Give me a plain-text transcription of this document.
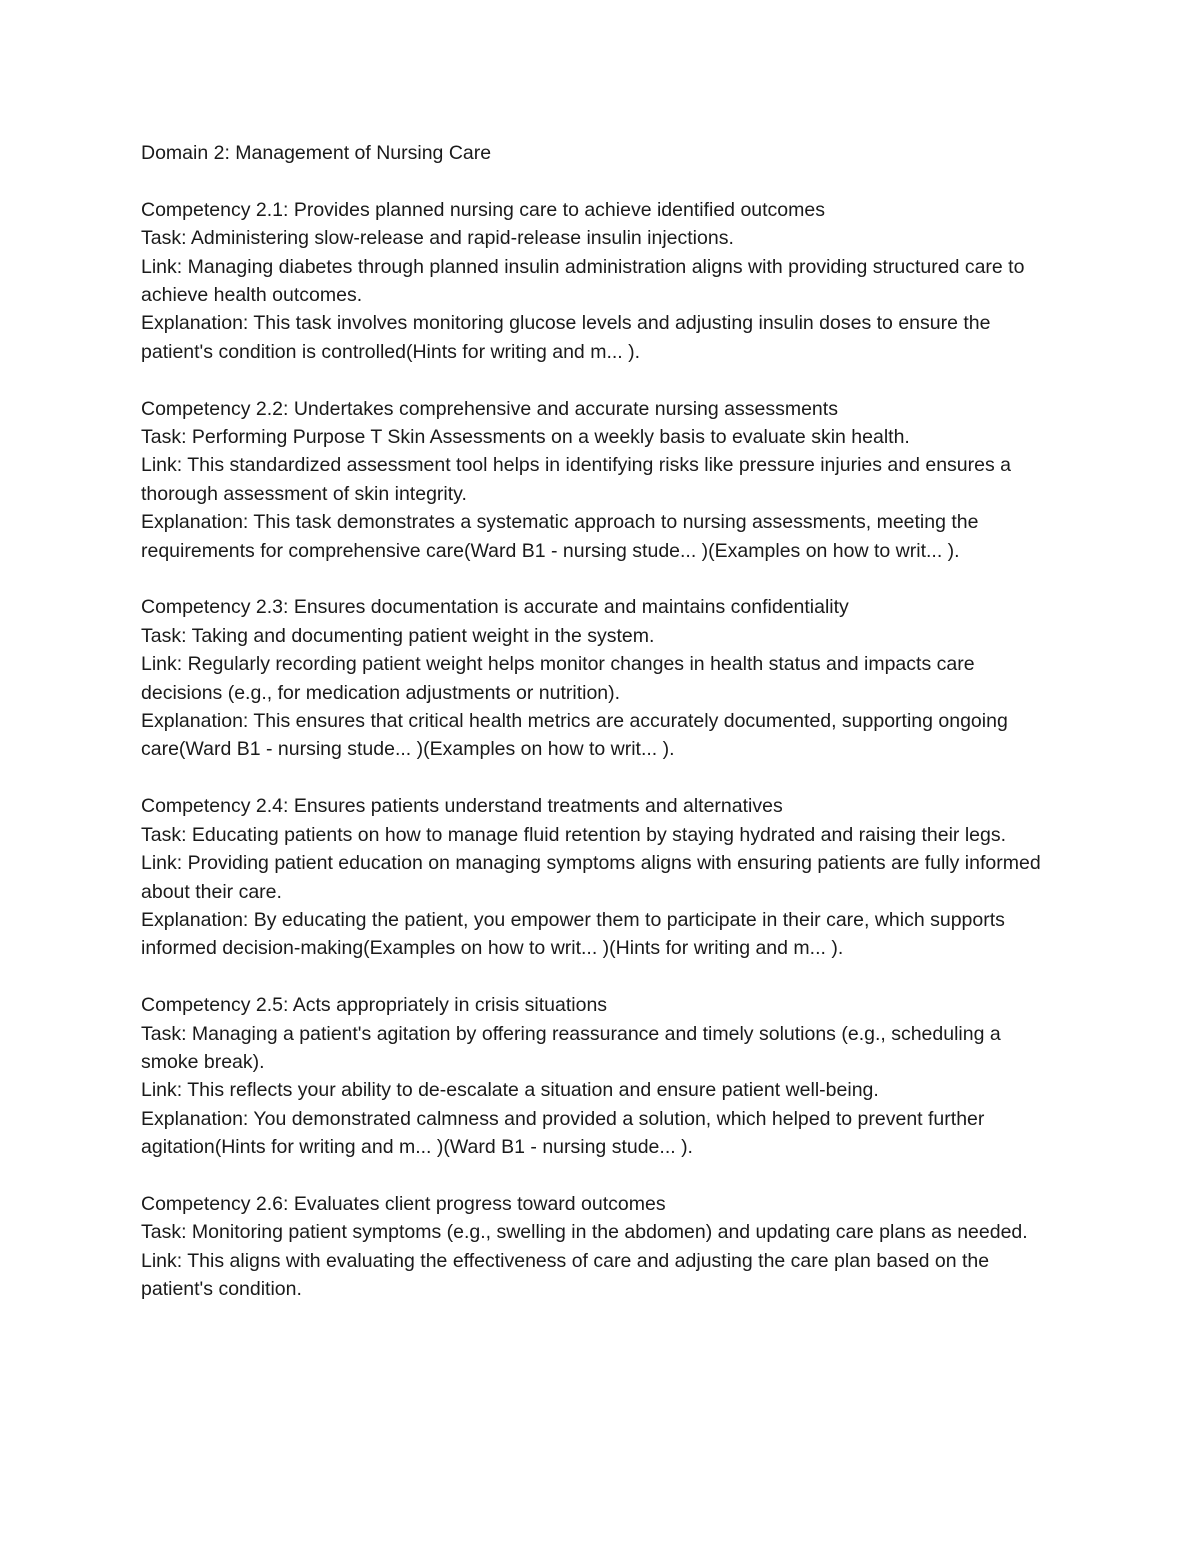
Domain 2: Management of Nursing Care

Competency 2.1: Provides planned nursing care to achieve identified outcomes

Task: Administering slow-release and rapid-release insulin injections.

Link: Managing diabetes through planned insulin administration aligns with providing structured care to achieve health outcomes.

Explanation: This task involves monitoring glucose levels and adjusting insulin doses to ensure the patient's condition is controlled(Hints for writing and m... ).

Competency 2.2: Undertakes comprehensive and accurate nursing assessments

Task: Performing Purpose T Skin Assessments on a weekly basis to evaluate skin health.

Link: This standardized assessment tool helps in identifying risks like pressure injuries and ensures a thorough assessment of skin integrity.

Explanation: This task demonstrates a systematic approach to nursing assessments, meeting the requirements for comprehensive care(Ward B1 - nursing stude... )(Examples on how to writ... ).

Competency 2.3: Ensures documentation is accurate and maintains confidentiality

Task: Taking and documenting patient weight in the system.

Link: Regularly recording patient weight helps monitor changes in health status and impacts care decisions (e.g., for medication adjustments or nutrition).

Explanation: This ensures that critical health metrics are accurately documented, supporting ongoing care(Ward B1 - nursing stude... )(Examples on how to writ... ).

Competency 2.4: Ensures patients understand treatments and alternatives

Task: Educating patients on how to manage fluid retention by staying hydrated and raising their legs.

Link: Providing patient education on managing symptoms aligns with ensuring patients are fully informed about their care.

Explanation: By educating the patient, you empower them to participate in their care, which supports informed decision-making(Examples on how to writ... )(Hints for writing and m... ).

Competency 2.5: Acts appropriately in crisis situations

Task: Managing a patient's agitation by offering reassurance and timely solutions (e.g., scheduling a smoke break).

Link: This reflects your ability to de-escalate a situation and ensure patient well-being.

Explanation: You demonstrated calmness and provided a solution, which helped to prevent further agitation(Hints for writing and m... )(Ward B1 - nursing stude... ).

Competency 2.6: Evaluates client progress toward outcomes

Task: Monitoring patient symptoms (e.g., swelling in the abdomen) and updating care plans as needed.

Link: This aligns with evaluating the effectiveness of care and adjusting the care plan based on the patient's condition.
